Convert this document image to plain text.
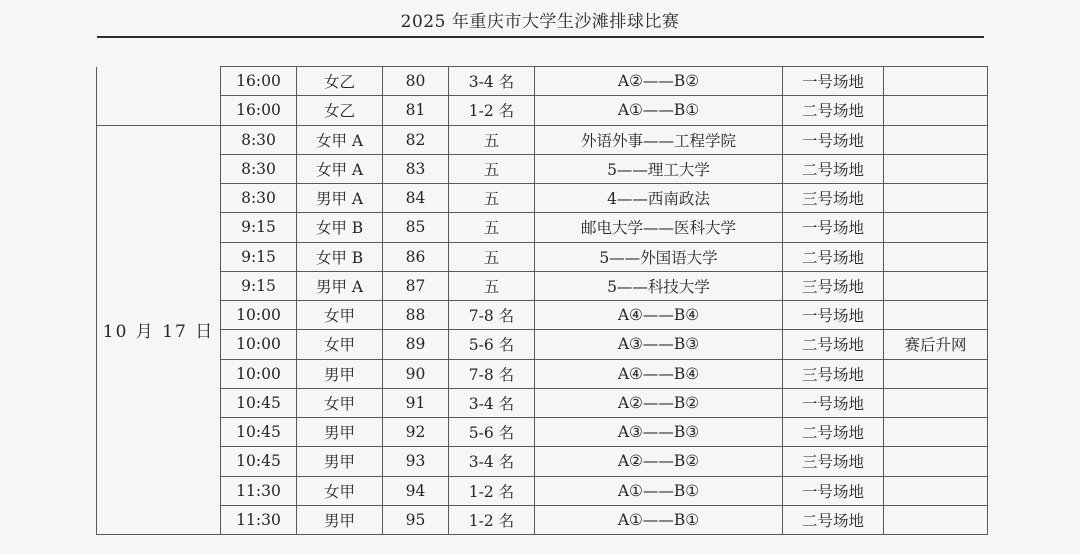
2025 年重庆市大学生沙滩排球比赛
	16:00	女乙	80	3-4 名	A②——B②	一号场地	
	16:00	女乙	81	1-2 名	A①——B①	二号场地	
10 月 17 日	8:30	女甲 A	82	五	外语外事——工程学院	一号场地	
	8:30	女甲 A	83	五	5——理工大学	二号场地	
	8:30	男甲 A	84	五	4——西南政法	三号场地	
	9:15	女甲 B	85	五	邮电大学——医科大学	一号场地	
	9:15	女甲 B	86	五	5——外国语大学	二号场地	
	9:15	男甲 A	87	五	5——科技大学	三号场地	
	10:00	女甲	88	7-8 名	A④——B④	一号场地	
	10:00	女甲	89	5-6 名	A③——B③	二号场地	赛后升网
	10:00	男甲	90	7-8 名	A④——B④	三号场地	
	10:45	女甲	91	3-4 名	A②——B②	一号场地	
	10:45	男甲	92	5-6 名	A③——B③	二号场地	
	10:45	男甲	93	3-4 名	A②——B②	三号场地	
	11:30	女甲	94	1-2 名	A①——B①	一号场地	
	11:30	男甲	95	1-2 名	A①——B①	二号场地	
